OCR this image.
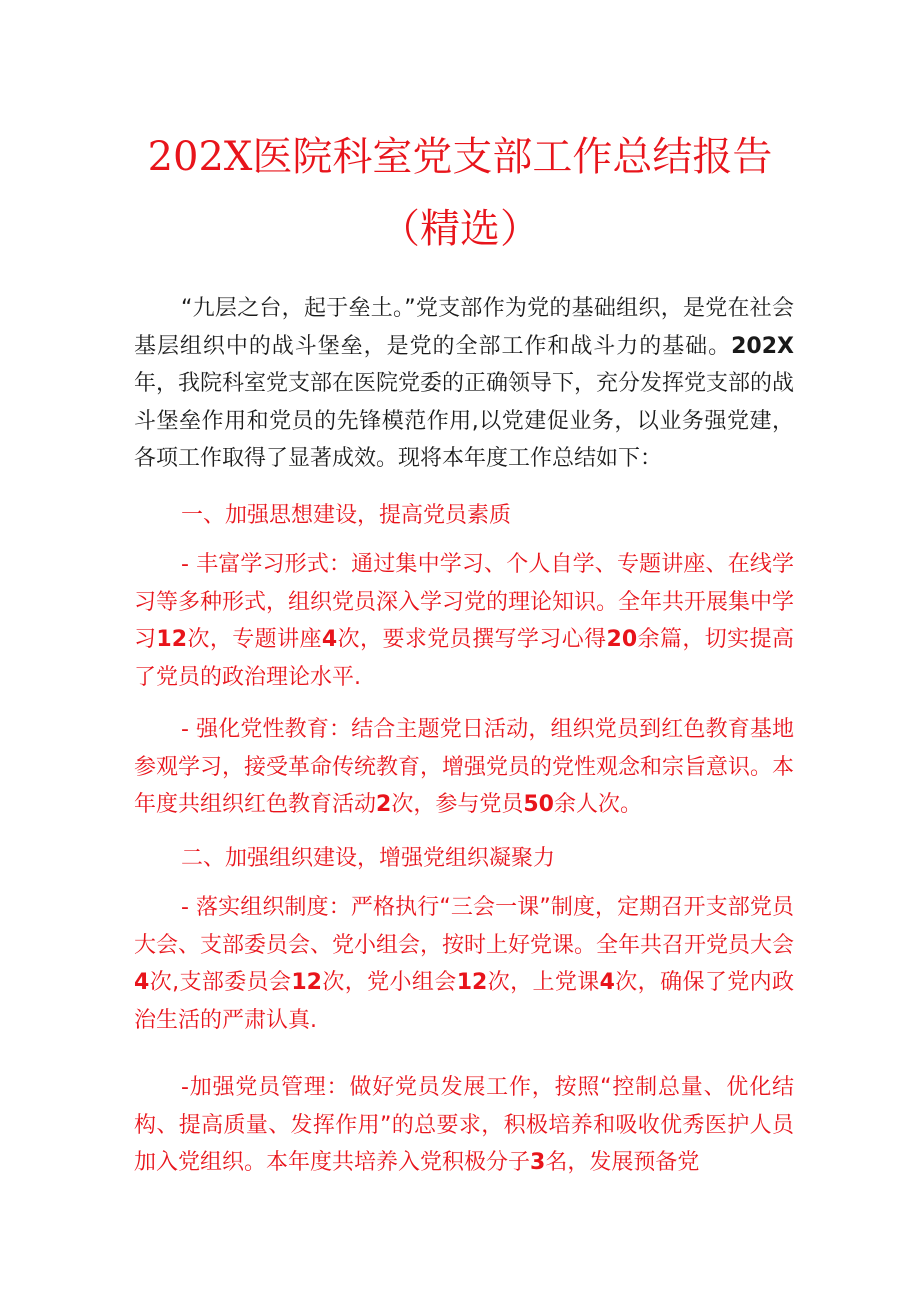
202X医院科室党支部工作总结报告
（精选）

“九层之台，起于垒土。”党支部作为党的基础组织，是党在社会基层组织中的战斗堡垒，是党的全部工作和战斗力的基础。202X年，我院科室党支部在医院党委的正确领导下，充分发挥党支部的战斗堡垒作用和党员的先锋模范作用,以党建促业务，以业务强党建，各项工作取得了显著成效。现将本年度工作总结如下：

一、加强思想建设，提高党员素质

- 丰富学习形式：通过集中学习、个人自学、专题讲座、在线学习等多种形式，组织党员深入学习党的理论知识。全年共开展集中学习12次，专题讲座4次，要求党员撰写学习心得20余篇，切实提高了党员的政治理论水平.

- 强化党性教育：结合主题党日活动，组织党员到红色教育基地参观学习，接受革命传统教育，增强党员的党性观念和宗旨意识。本年度共组织红色教育活动2次，参与党员50余人次。

二、加强组织建设，增强党组织凝聚力

- 落实组织制度：严格执行“三会一课”制度，定期召开支部党员大会、支部委员会、党小组会，按时上好党课。全年共召开党员大会4次,支部委员会12次，党小组会12次，上党课4次，确保了党内政治生活的严肃认真.

-加强党员管理：做好党员发展工作，按照“控制总量、优化结构、提高质量、发挥作用”的总要求，积极培养和吸收优秀医护人员加入党组织。本年度共培养入党积极分子3名，发展预备党
